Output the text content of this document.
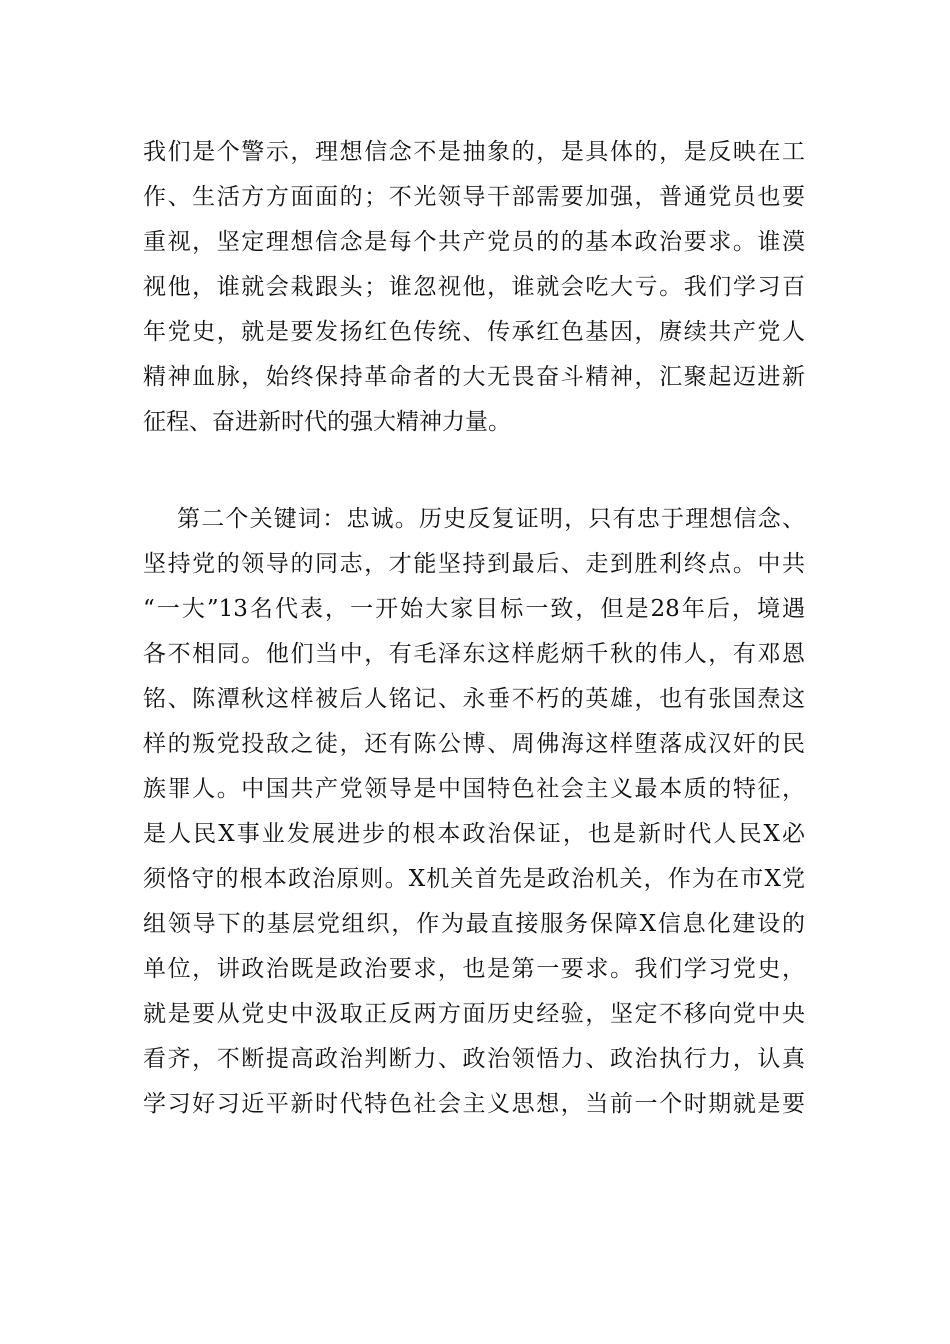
我们是个警示，理想信念不是抽象的，是具体的，是反映在工
作、生活方方面面的；不光领导干部需要加强，普通党员也要
重视，坚定理想信念是每个共产党员的的基本政治要求。谁漠
视他，谁就会栽跟头；谁忽视他，谁就会吃大亏。我们学习百
年党史，就是要发扬红色传统、传承红色基因，赓续共产党人
精神血脉，始终保持革命者的大无畏奋斗精神，汇聚起迈进新
征程、奋进新时代的强大精神力量。
第二个关键词：忠诚。历史反复证明，只有忠于理想信念、
坚持党的领导的同志，才能坚持到最后、走到胜利终点。中共
“一大”13名代表，一开始大家目标一致，但是28年后，境遇
各不相同。他们当中，有毛泽东这样彪炳千秋的伟人，有邓恩
铭、陈潭秋这样被后人铭记、永垂不朽的英雄，也有张国焘这
样的叛党投敌之徒，还有陈公博、周佛海这样堕落成汉奸的民
族罪人。中国共产党领导是中国特色社会主义最本质的特征，
是人民X事业发展进步的根本政治保证，也是新时代人民X必
须恪守的根本政治原则。X机关首先是政治机关，作为在市X党
组领导下的基层党组织，作为最直接服务保障X信息化建设的
单位，讲政治既是政治要求，也是第一要求。我们学习党史，
就是要从党史中汲取正反两方面历史经验，坚定不移向党中央
看齐，不断提高政治判断力、政治领悟力、政治执行力，认真
学习好习近平新时代特色社会主义思想，当前一个时期就是要
